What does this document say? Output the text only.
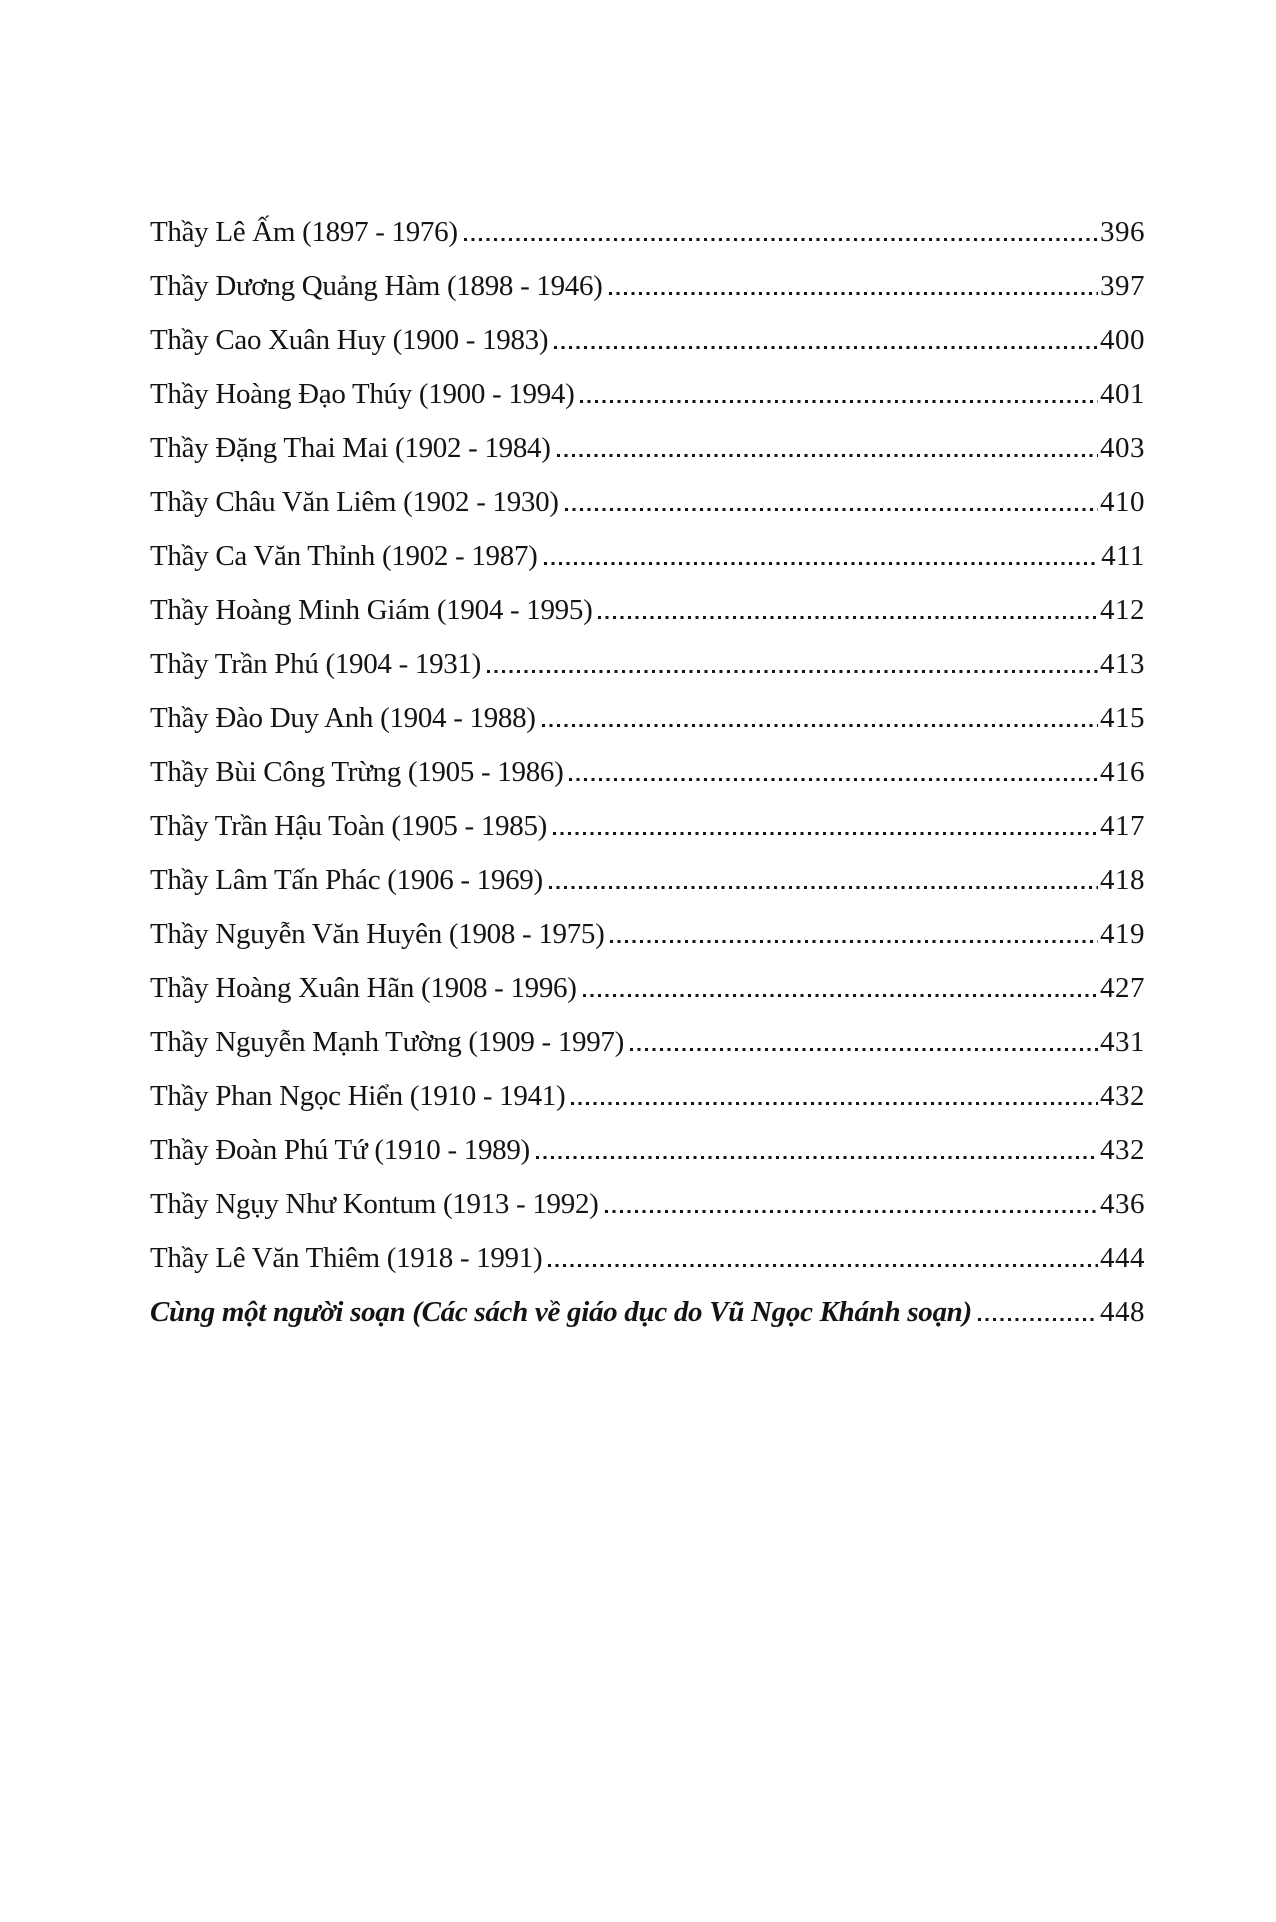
Thầy Lê Ấm (1897 - 1976)	396
Thầy Dương Quảng Hàm (1898 - 1946)	397
Thầy Cao Xuân Huy (1900 - 1983)	400
Thầy Hoàng Đạo Thúy (1900 - 1994)	401
Thầy Đặng Thai Mai (1902 - 1984)	403
Thầy Châu Văn Liêm (1902 - 1930)	410
Thầy Ca Văn Thỉnh (1902 - 1987)	411
Thầy Hoàng Minh Giám (1904 - 1995)	412
Thầy Trần Phú (1904 - 1931)	413
Thầy Đào Duy Anh (1904 - 1988)	415
Thầy Bùi Công Trừng (1905 - 1986)	416
Thầy Trần Hậu Toàn (1905 - 1985)	417
Thầy Lâm Tấn Phác (1906 - 1969)	418
Thầy Nguyễn Văn Huyên (1908 - 1975)	419
Thầy Hoàng Xuân Hãn (1908 - 1996)	427
Thầy Nguyễn Mạnh Tường (1909 - 1997)	431
Thầy Phan Ngọc Hiển (1910 - 1941)	432
Thầy Đoàn Phú Tứ (1910 - 1989)	432
Thầy Ngụy Như Kontum (1913 - 1992)	436
Thầy Lê Văn Thiêm (1918 - 1991)	444
Cùng một người soạn (Các sách về giáo dục do Vũ Ngọc Khánh soạn)	448
